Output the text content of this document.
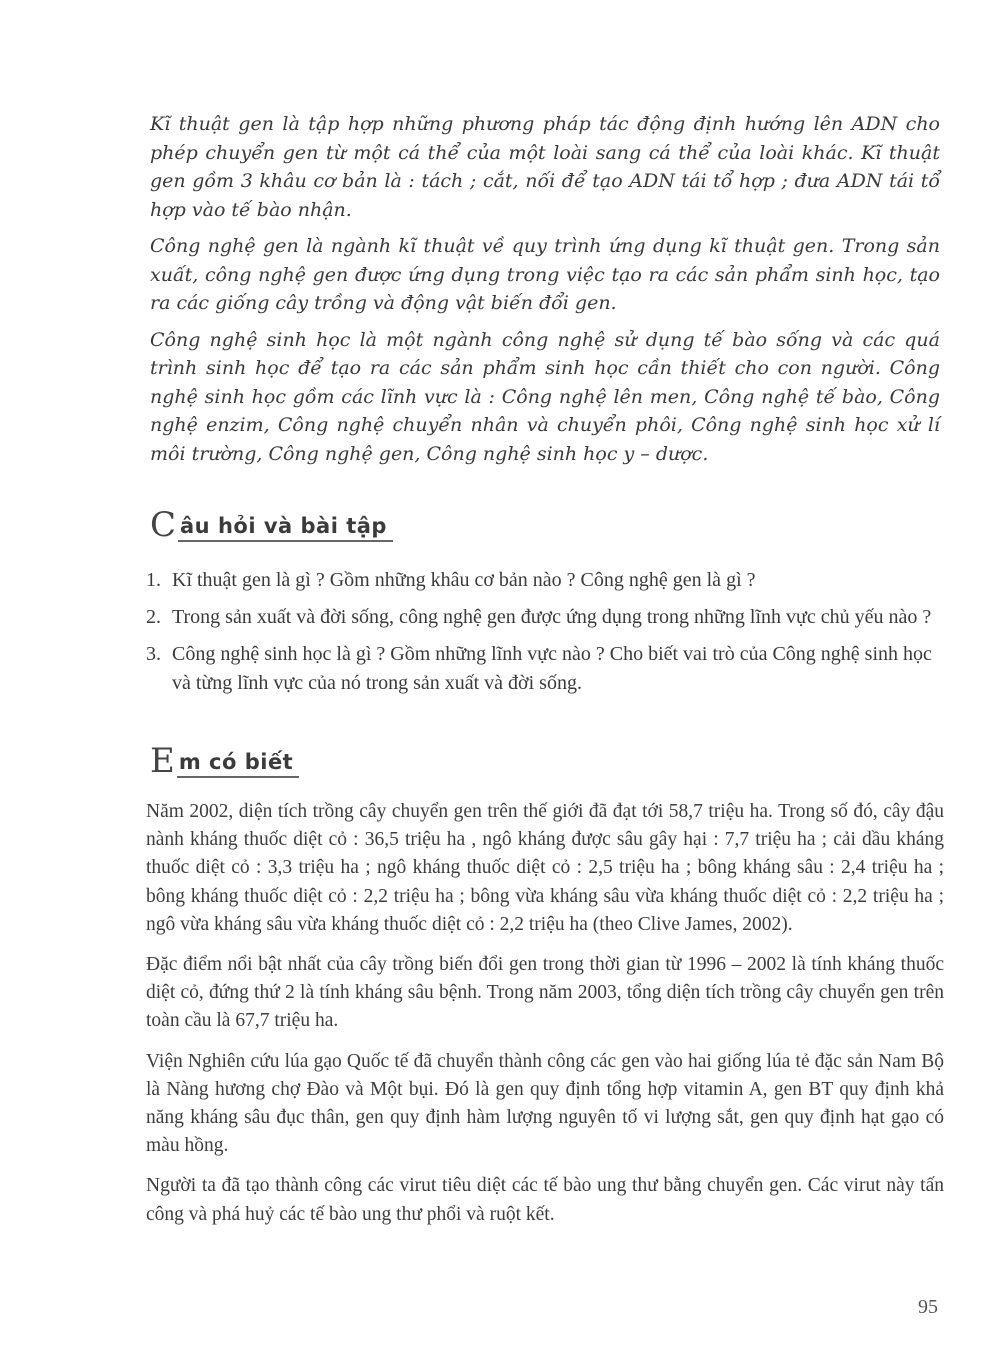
Kĩ thuật gen là tập hợp những phương pháp tác động định hướng lên ADN cho phép chuyển gen từ một cá thể của một loài sang cá thể của loài khác. Kĩ thuật gen gồm 3 khâu cơ bản là : tách ; cắt, nối để tạo ADN tái tổ hợp ; đưa ADN tái tổ hợp vào tế bào nhận.

Công nghệ gen là ngành kĩ thuật về quy trình ứng dụng kĩ thuật gen. Trong sản xuất, công nghệ gen được ứng dụng trong việc tạo ra các sản phẩm sinh học, tạo ra các giống cây trồng và động vật biến đổi gen.

Công nghệ sinh học là một ngành công nghệ sử dụng tế bào sống và các quá trình sinh học để tạo ra các sản phẩm sinh học cần thiết cho con người. Công nghệ sinh học gồm các lĩnh vực là : Công nghệ lên men, Công nghệ tế bào, Công nghệ enzim, Công nghệ chuyển nhân và chuyển phôi, Công nghệ sinh học xử lí môi trường, Công nghệ gen, Công nghệ sinh học y – dược.

C âu hỏi và bài tập
1. Kĩ thuật gen là gì ? Gồm những khâu cơ bản nào ? Công nghệ gen là gì ?
2. Trong sản xuất và đời sống, công nghệ gen được ứng dụng trong những lĩnh vực chủ yếu nào ?
3. Công nghệ sinh học là gì ? Gồm những lĩnh vực nào ? Cho biết vai trò của Công nghệ sinh học và từng lĩnh vực của nó trong sản xuất và đời sống.
E m có biết

Năm 2002, diện tích trồng cây chuyển gen trên thế giới đã đạt tới 58,7 triệu ha. Trong số đó, cây đậu nành kháng thuốc diệt cỏ : 36,5 triệu ha , ngô kháng được sâu gây hại : 7,7 triệu ha ; cải dầu kháng thuốc diệt cỏ : 3,3 triệu ha ; ngô kháng thuốc diệt cỏ : 2,5 triệu ha ; bông kháng sâu : 2,4 triệu ha ; bông kháng thuốc diệt cỏ : 2,2 triệu ha ; bông vừa kháng sâu vừa kháng thuốc diệt cỏ : 2,2 triệu ha ; ngô vừa kháng sâu vừa kháng thuốc diệt cỏ : 2,2 triệu ha (theo Clive James, 2002).

Đặc điểm nổi bật nhất của cây trồng biến đổi gen trong thời gian từ 1996 – 2002 là tính kháng thuốc diệt cỏ, đứng thứ 2 là tính kháng sâu bệnh. Trong năm 2003, tổng diện tích trồng cây chuyển gen trên toàn cầu là 67,7 triệu ha.

Viện Nghiên cứu lúa gạo Quốc tế đã chuyển thành công các gen vào hai giống lúa tẻ đặc sản Nam Bộ là Nàng hương chợ Đào và Một bụi. Đó là gen quy định tổng hợp vitamin A, gen BT quy định khả năng kháng sâu đục thân, gen quy định hàm lượng nguyên tố vi lượng sắt, gen quy định hạt gạo có màu hồng.

Người ta đã tạo thành công các virut tiêu diệt các tế bào ung thư bằng chuyển gen. Các virut này tấn công và phá huỷ các tế bào ung thư phổi và ruột kết.

95
